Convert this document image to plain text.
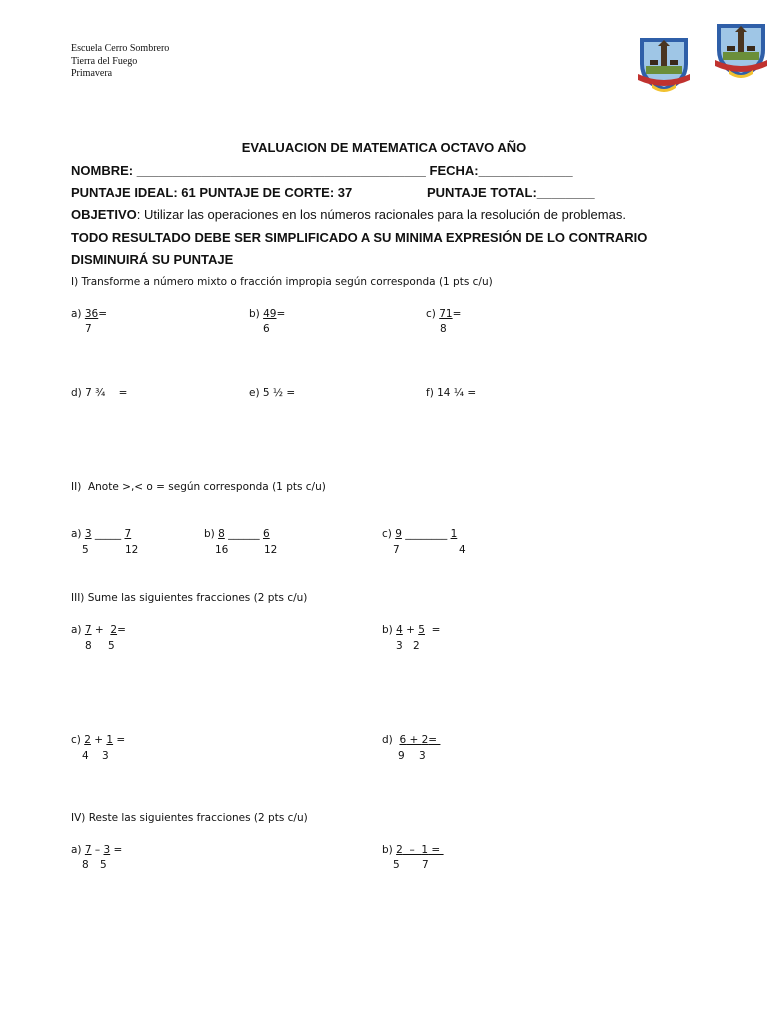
Escuela Cerro Sombrero
Tierra del Fuego
Primavera
EVALUACION DE MATEMATICA OCTAVO AÑO
NOMBRE: ________________________________________ FECHA:_____________
PUNTAJE IDEAL: 61 PUNTAJE DE CORTE: 37	PUNTAJE TOTAL:________
OBJETIVO: Utilizar las operaciones en los números racionales para la resolución de problemas.
TODO RESULTADO DEBE SER SIMPLIFICADO A SU MINIMA EXPRESIÓN DE LO CONTRARIO
DISMINUIRÁ SU PUNTAJE
I) Transforme a número mixto o fracción impropia según corresponda (1 pts c/u)
a) 36=
7
b) 49=
6
c) 71=
8
d) 7 ¾    =	e) 5 ½ =	f) 14 ¼ =
II)  Anote >,< o = según corresponda (1 pts c/u)
a) 3 _____ 7
5	12
b) 8 ______ 6
16	12
c) 9 ________ 1
7	4
III) Sume las siguientes fracciones (2 pts c/u)
a) 7 +  2=
8 5
b) 4 + 5  =
3 2
c) 2 + 1 =
4 3
d)  6 + 2=
9 3
IV) Reste las siguientes fracciones (2 pts c/u)
a) 7 – 3 =
8 5
b) 2  –  1 =
5 7
